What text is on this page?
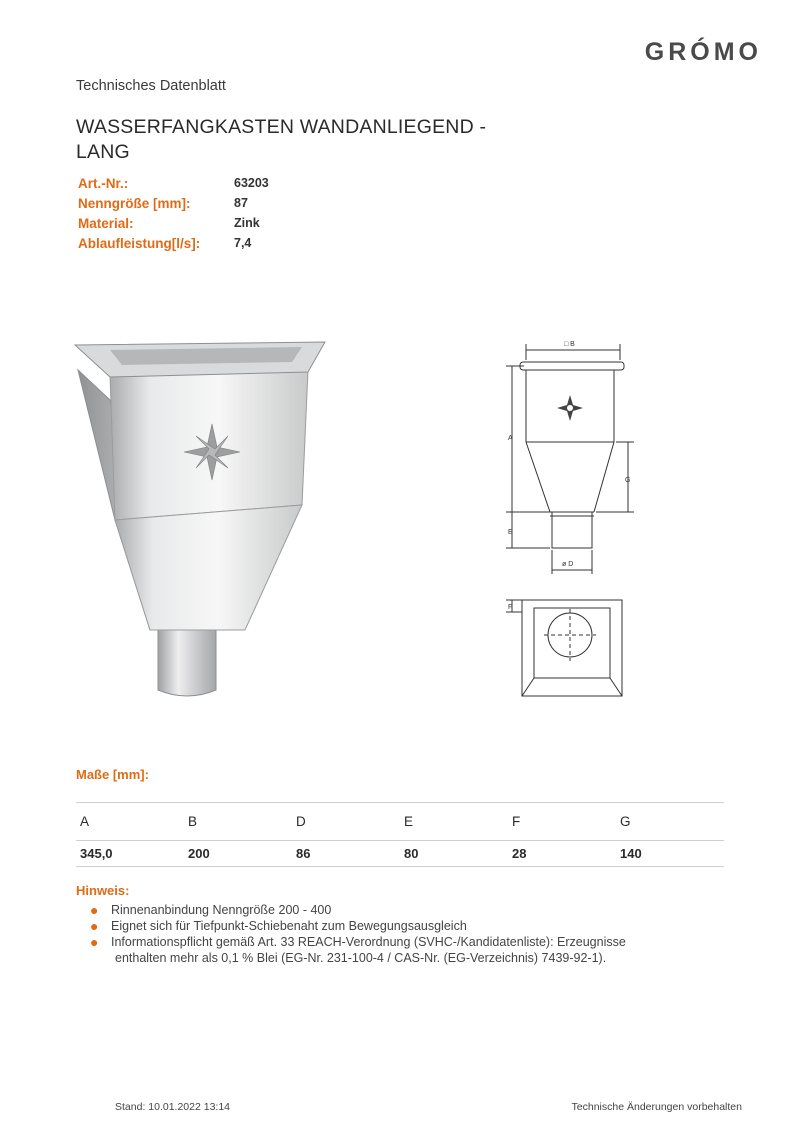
GRÓMO
Technisches Datenblatt
WASSERFANGKASTEN WANDANLIEGEND - LANG
Art.-Nr.:	63203
Nenngröße [mm]:	87
Material:	Zink
Ablaufleistung[l/s]:	7,4
□ B
A
G
E
ø D
F
Maße [mm]:
A	B	D	E	F	G
345,0	200	86	80	28	140
Hinweis:
●	Rinnenanbindung Nenngröße 200 - 400
●	Eignet sich für Tiefpunkt-Schiebenaht zum Bewegungsausgleich
●	Informationspflicht gemäß Art. 33 REACH-Verordnung (SVHC-/Kandidatenliste): Erzeugnisse
enthalten mehr als 0,1 % Blei (EG-Nr. 231-100-4 / CAS-Nr. (EG-Verzeichnis) 7439-92-1).
Stand: 10.01.2022 13:14	Technische Änderungen vorbehalten
